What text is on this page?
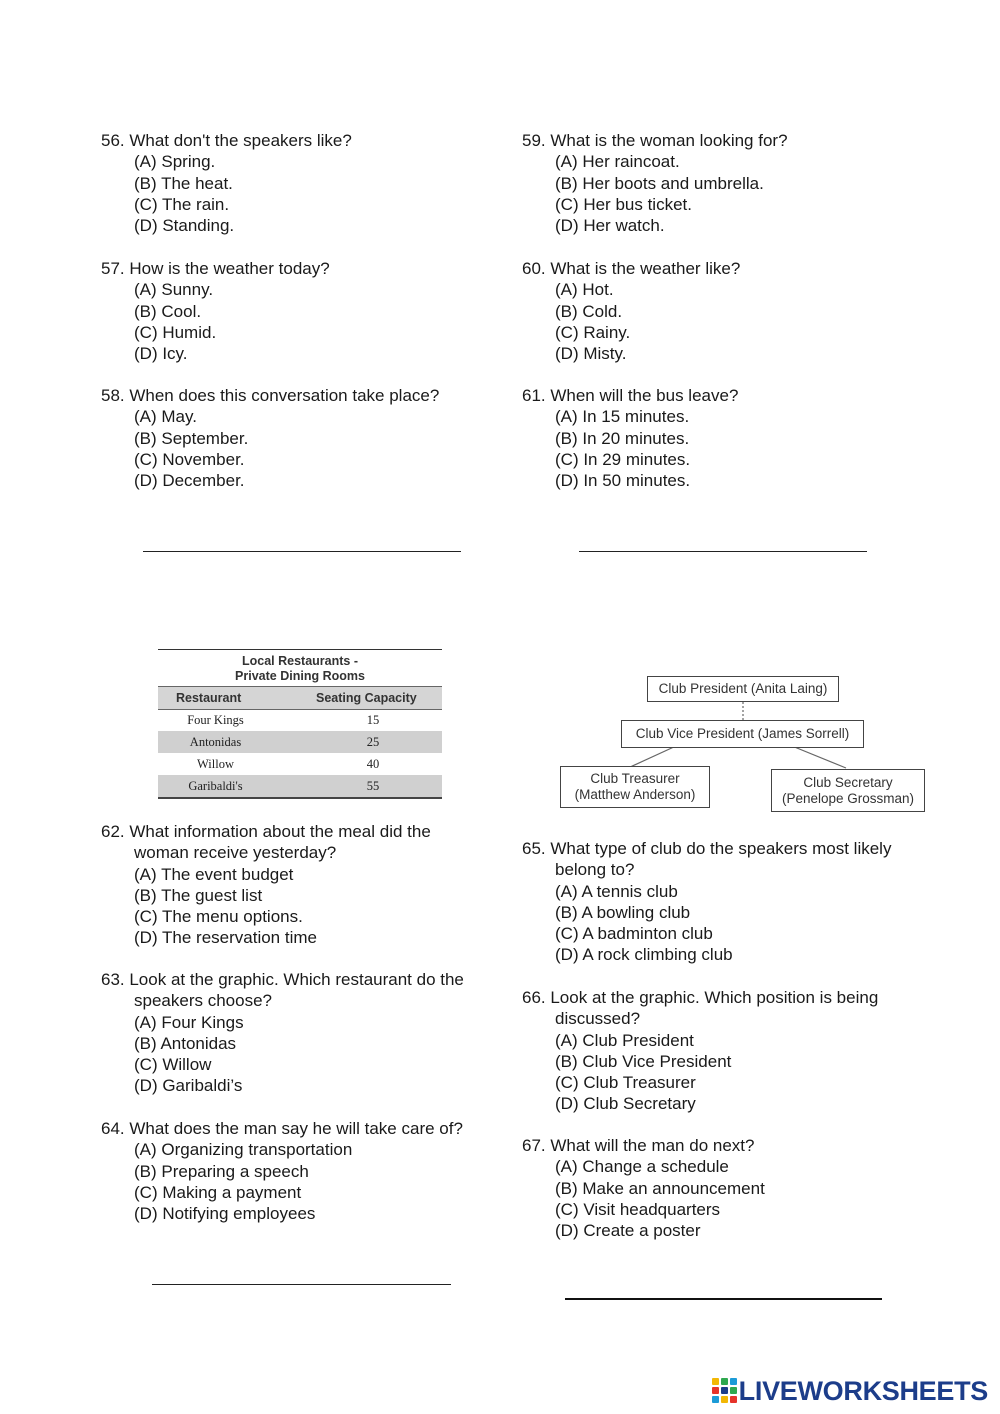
56. What don't the speakers like?
(A) Spring.
(B) The heat.
(C) The rain.
(D) Standing.
57. How is the weather today?
(A) Sunny.
(B) Cool.
(C) Humid.
(D) Icy.
58. When does this conversation take place?
(A) May.
(B) September.
(C) November.
(D) December.
59. What is the woman looking for?
(A) Her raincoat.
(B) Her boots and umbrella.
(C) Her bus ticket.
(D) Her watch.
60. What is the weather like?
(A) Hot.
(B) Cold.
(C) Rainy.
(D) Misty.
61. When will the bus leave?
(A) In 15 minutes.
(B) In 20 minutes.
(C) In 29 minutes.
(D) In 50 minutes.
Local Restaurants -
Private Dining Rooms
Restaurant	Seating Capacity
Four Kings	15
Antonidas	25
Willow	40
Garibaldi's	55
Club President (Anita Laing)
Club Vice President (James Sorrell)
Club Treasurer
(Matthew Anderson)
Club Secretary
(Penelope Grossman)
62. What information about the meal did the
woman receive yesterday?
(A) The event budget
(B) The guest list
(C) The menu options.
(D) The reservation time
63. Look at the graphic. Which restaurant do the
speakers choose?
(A) Four Kings
(B) Antonidas
(C) Willow
(D) Garibaldi’s
64. What does the man say he will take care of?
(A) Organizing transportation
(B) Preparing a speech
(C) Making a payment
(D) Notifying employees
65. What type of club do the speakers most likely
belong to?
(A) A tennis club
(B) A bowling club
(C) A badminton club
(D) A rock climbing club
66. Look at the graphic. Which position is being
discussed?
(A) Club President
(B) Club Vice President
(C) Club Treasurer
(D) Club Secretary
67. What will the man do next?
(A) Change a schedule
(B) Make an announcement
(C) Visit headquarters
(D) Create a poster
LIVEWORKSHEETS
